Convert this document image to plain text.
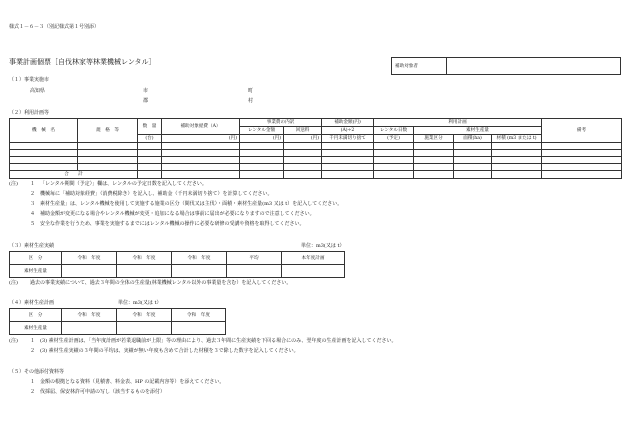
様式１－６－３（別記様式第１号別添）
事業計画個票［自伐林家等林業機械レンタル］	補助対象者	
（１）事業実施市
高知県	市	町
郡	村
（２）利用計画等
機　械　名	規　格　等	数　量	補助対象経費（A）	事業費の内訳		補助金額(円)	利用計画				備考
				レンタル金額	回送料	(A)÷2	レンタル日数	素材生産量			
		(台)	(円)	(円)	(円)	千円未満切り捨て	(予定)	施業区分	面積(ha)	材積 (m3 または t)	

合　　計											
(注) １ 「レンタル期間（予定）」欄は、レンタルの予定日数を記入してください。
２ 機械毎に「補助対象経費」（消費税除き）を記入し、補助金（千円未満切り捨て）を計算してください。
３ 素材生産量」は、レンタル機械を使用して実施する施業の区分（間伐又は主伐）・面積・素材生産量(m3 又は t）を記入してください。
４ 補助金額が変更になる場合やレンタル機械が変更・追加になる場合は事前に届出が必要になりますので注意してください。
５ 安全な作業を行うため、事業を実施するまでにはレンタル機械の操作に必要な研修の受講や資格を取得してください。
（３）素材生産実績	単位：m3(又は t）
区　分	令和　年度	令和　年度	令和　年度	平均	本年度計画
素材生産量					
(注) 過去の事業実績について、過去３年間の全体の生産量(林業機械レンタル以外の事業量を含む）を記入してください。
（４）素材生産計画	単位：m3(又は t）
区　分	令和　年度	令和　年度	令和　年度
素材生産量			
(注) １　(3) 素材生産計画は、「当年度計画が若業退職前が上限」等の理由により、過去３年間に生産実績を下回る場合にのみ、翌年度の生産計画を記入してください。
２　(3) 素材生産実績の３年間の平均は、実績が無い年度も含めて合計した材積を３で除した数字を記入してください。
（５）その他添付資料等
１　金額の根拠となる資料（見積書、料金表、HP の記載内容等）を添えてください。
２　伐採届、保安林許可申請の写し（該当するものを添付）
